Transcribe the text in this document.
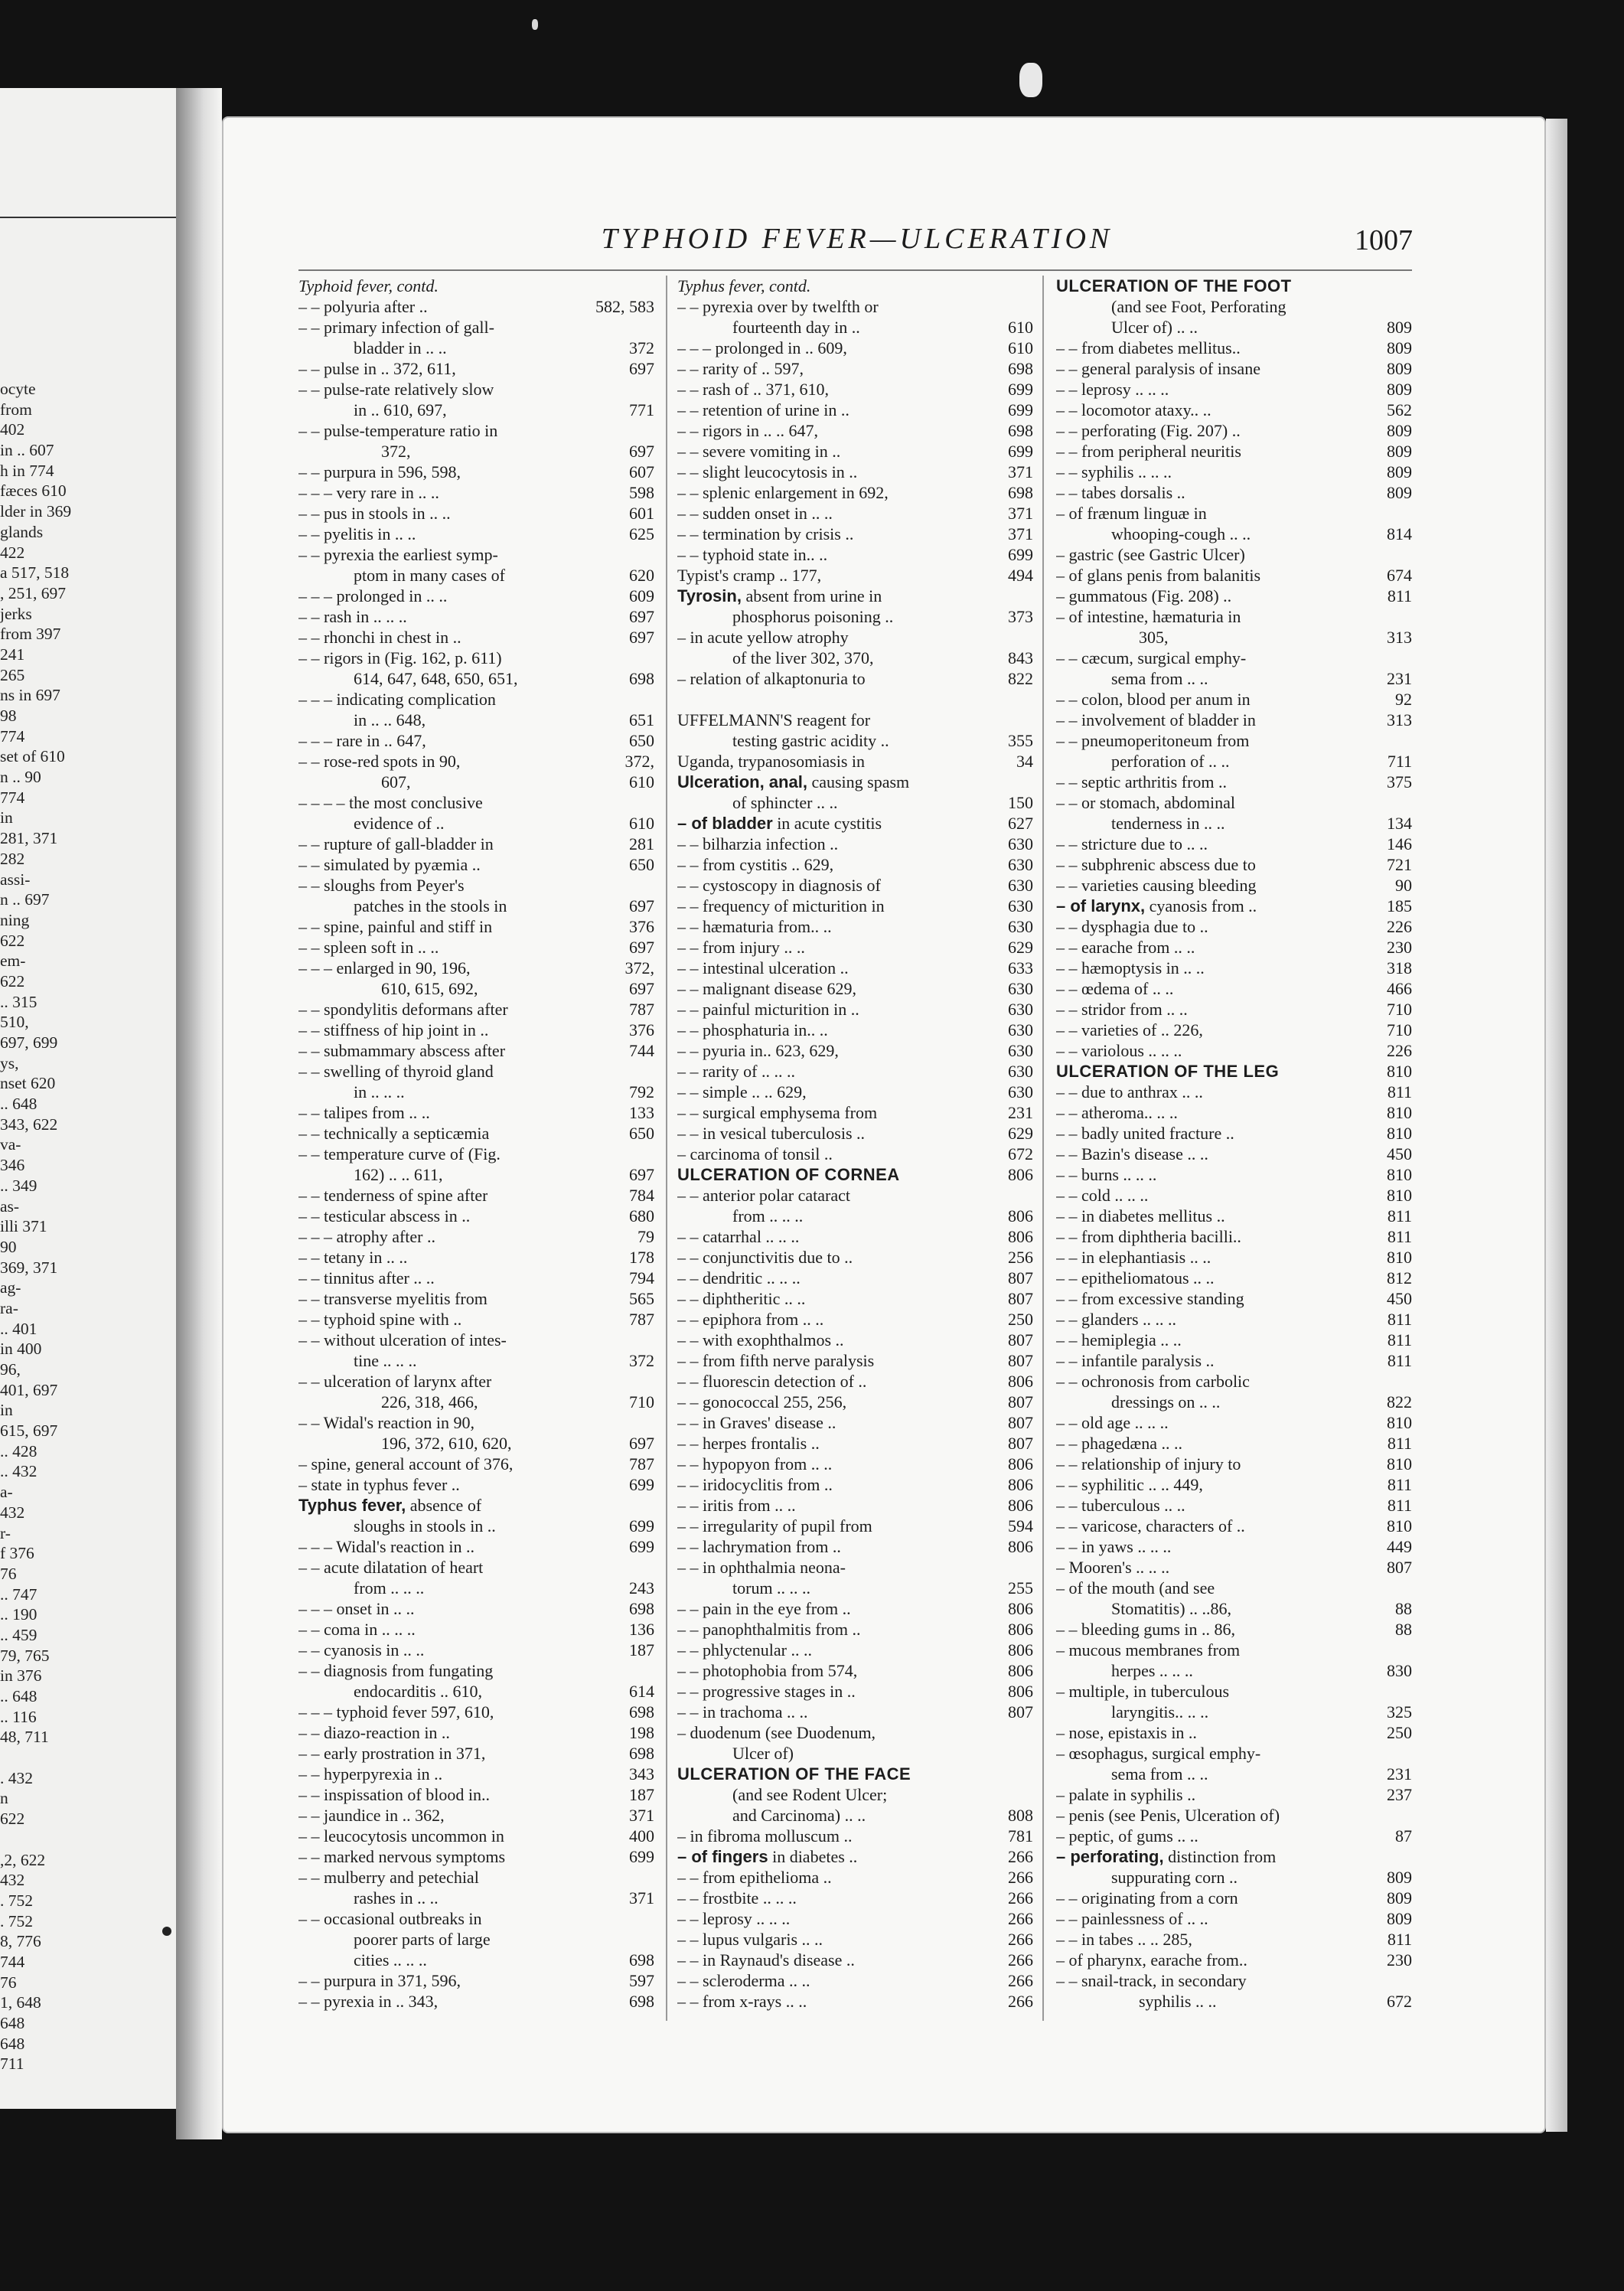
ocyte
from
402
in .. 607
h in 774
fæces 610
lder in 369
glands
422
a 517, 518
, 251, 697
jerks
from 397
241
265
ns in 697
98
774
set of 610
n .. 90
774
in
281, 371
282
assi-
n .. 697
ning
622
em-
622
.. 315
510,
697, 699
ys,
nset 620
.. 648
343, 622
va-
346
.. 349
as-
illi 371
90
369, 371
ag-
ra-
.. 401
in 400
96,
401, 697
in
615, 697
.. 428
.. 432
a-
432
r-
f 376
76
.. 747
.. 190
.. 459
79, 765
in 376
.. 648
.. 116
48, 711
. 432
n
622
,2, 622
432
. 752
. 752
8, 776
744
76
1, 648
648
648
711
TYPHOID FEVER—ULCERATION	1007
Typhoid fever, contd.
– – polyuria after ..	582, 583
– – primary infection of gall-
bladder in .. ..	372
– – pulse in .. 372, 611,	697
– – pulse-rate relatively slow
in .. 610, 697,	771
– – pulse-temperature ratio in
372,	697
– – purpura in 596, 598,	607
– – – very rare in .. ..	598
– – pus in stools in .. ..	601
– – pyelitis in .. ..	625
– – pyrexia the earliest symp-
ptom in many cases of	620
– – – prolonged in .. ..	609
– – rash in .. .. ..	697
– – rhonchi in chest in ..	697
– – rigors in (Fig. 162, p. 611)
614, 647, 648, 650, 651,	698
– – – indicating complication
in .. .. 648,	651
– – – rare in .. 647,	650
– – rose-red spots in 90,	372,
607,	610
– – – – the most conclusive
evidence of ..	610
– – rupture of gall-bladder in	281
– – simulated by pyæmia ..	650
– – sloughs from Peyer's
patches in the stools in	697
– – spine, painful and stiff in	376
– – spleen soft in .. ..	697
– – – enlarged in 90, 196,	372,
610, 615, 692,	697
– – spondylitis deformans after	787
– – stiffness of hip joint in ..	376
– – submammary abscess after	744
– – swelling of thyroid gland
in .. .. ..	792
– – talipes from .. ..	133
– – technically a septicæmia	650
– – temperature curve of (Fig.
162) .. .. 611,	697
– – tenderness of spine after	784
– – testicular abscess in ..	680
– – – atrophy after ..	79
– – tetany in .. ..	178
– – tinnitus after .. ..	794
– – transverse myelitis from	565
– – typhoid spine with ..	787
– – without ulceration of intes-
tine .. .. ..	372
– – ulceration of larynx after
226, 318, 466,	710
– – Widal's reaction in 90,
196, 372, 610, 620,	697
– spine, general account of 376,	787
– state in typhus fever ..	699
Typhus fever, absence of
sloughs in stools in ..	699
– – – Widal's reaction in ..	699
– – acute dilatation of heart
from .. .. ..	243
– – – onset in .. ..	698
– – coma in .. .. ..	136
– – cyanosis in .. ..	187
– – diagnosis from fungating
endocarditis .. 610,	614
– – – typhoid fever 597, 610,	698
– – diazo-reaction in ..	198
– – early prostration in 371,	698
– – hyperpyrexia in ..	343
– – inspissation of blood in..	187
– – jaundice in .. 362,	371
– – leucocytosis uncommon in	400
– – marked nervous symptoms	699
– – mulberry and petechial
rashes in .. ..	371
– – occasional outbreaks in
poorer parts of large
cities .. .. ..	698
– – purpura in 371, 596,	597
– – pyrexia in .. 343,	698
Typhus fever, contd.
– – pyrexia over by twelfth or
fourteenth day in ..	610
– – – prolonged in .. 609,	610
– – rarity of .. 597,	698
– – rash of .. 371, 610,	699
– – retention of urine in ..	699
– – rigors in .. .. 647,	698
– – severe vomiting in ..	699
– – slight leucocytosis in ..	371
– – splenic enlargement in 692,	698
– – sudden onset in .. ..	371
– – termination by crisis ..	371
– – typhoid state in.. ..	699
Typist's cramp .. 177,	494
Tyrosin, absent from urine in
phosphorus poisoning ..	373
– in acute yellow atrophy
of the liver 302, 370,	843
– relation of alkaptonuria to	822
UFFELMANN'S reagent for
testing gastric acidity ..	355
Uganda, trypanosomiasis in	34
Ulceration, anal, causing spasm
of sphincter .. ..	150
– of bladder in acute cystitis	627
– – bilharzia infection ..	630
– – from cystitis .. 629,	630
– – cystoscopy in diagnosis of	630
– – frequency of micturition in	630
– – hæmaturia from.. ..	630
– – from injury .. ..	629
– – intestinal ulceration ..	633
– – malignant disease 629,	630
– – painful micturition in ..	630
– – phosphaturia in.. ..	630
– – pyuria in.. 623, 629,	630
– – rarity of .. .. ..	630
– – simple .. .. 629,	630
– – surgical emphysema from	231
– – in vesical tuberculosis ..	629
– carcinoma of tonsil ..	672
ULCERATION OF CORNEA	806
– – anterior polar cataract
from .. .. ..	806
– – catarrhal .. .. ..	806
– – conjunctivitis due to ..	256
– – dendritic .. .. ..	807
– – diphtheritic .. ..	807
– – epiphora from .. ..	250
– – with exophthalmos ..	807
– – from fifth nerve paralysis	807
– – fluorescin detection of ..	806
– – gonococcal 255, 256,	807
– – in Graves' disease ..	807
– – herpes frontalis ..	807
– – hypopyon from .. ..	806
– – iridocyclitis from ..	806
– – iritis from .. ..	806
– – irregularity of pupil from	594
– – lachrymation from ..	806
– – in ophthalmia neona-
torum .. .. ..	255
– – pain in the eye from ..	806
– – panophthalmitis from ..	806
– – phlyctenular .. ..	806
– – photophobia from 574,	806
– – progressive stages in ..	806
– – in trachoma .. ..	807
– duodenum (see Duodenum,
Ulcer of)
ULCERATION OF THE FACE
(and see Rodent Ulcer;
and Carcinoma) .. ..	808
– in fibroma molluscum ..	781
– of fingers in diabetes ..	266
– – from epithelioma ..	266
– – frostbite .. .. ..	266
– – leprosy .. .. ..	266
– – lupus vulgaris .. ..	266
– – in Raynaud's disease ..	266
– – scleroderma .. ..	266
– – from x-rays .. ..	266
ULCERATION OF THE FOOT
(and see Foot, Perforating
Ulcer of) .. ..	809
– – from diabetes mellitus..	809
– – general paralysis of insane	809
– – leprosy .. .. ..	809
– – locomotor ataxy.. ..	562
– – perforating (Fig. 207) ..	809
– – from peripheral neuritis	809
– – syphilis .. .. ..	809
– – tabes dorsalis ..	809
– of frænum linguæ in
whooping-cough .. ..	814
– gastric (see Gastric Ulcer)
– of glans penis from balanitis	674
– gummatous (Fig. 208) ..	811
– of intestine, hæmaturia in
305,	313
– – cæcum, surgical emphy-
sema from .. ..	231
– – colon, blood per anum in	92
– – involvement of bladder in	313
– – pneumoperitoneum from
perforation of .. ..	711
– – septic arthritis from ..	375
– – or stomach, abdominal
tenderness in .. ..	134
– – stricture due to .. ..	146
– – subphrenic abscess due to	721
– – varieties causing bleeding	90
– of larynx, cyanosis from ..	185
– – dysphagia due to ..	226
– – earache from .. ..	230
– – hæmoptysis in .. ..	318
– – œdema of .. ..	466
– – stridor from .. ..	710
– – varieties of .. 226,	710
– – variolous .. .. ..	226
ULCERATION OF THE LEG	810
– – due to anthrax .. ..	811
– – atheroma.. .. ..	810
– – badly united fracture ..	810
– – Bazin's disease .. ..	450
– – burns .. .. ..	810
– – cold .. .. ..	810
– – in diabetes mellitus ..	811
– – from diphtheria bacilli..	811
– – in elephantiasis .. ..	810
– – epitheliomatous .. ..	812
– – from excessive standing	450
– – glanders .. .. ..	811
– – hemiplegia .. ..	811
– – infantile paralysis ..	811
– – ochronosis from carbolic
dressings on .. ..	822
– – old age .. .. ..	810
– – phagedæna .. ..	811
– – relationship of injury to	810
– – syphilitic .. .. 449,	811
– – tuberculous .. ..	811
– – varicose, characters of ..	810
– – in yaws .. .. ..	449
– Mooren's .. .. ..	807
– of the mouth (and see
Stomatitis) .. ..86,	88
– – bleeding gums in .. 86,	88
– mucous membranes from
herpes .. .. ..	830
– multiple, in tuberculous
laryngitis.. .. ..	325
– nose, epistaxis in ..	250
– œsophagus, surgical emphy-
sema from .. ..	231
– palate in syphilis ..	237
– penis (see Penis, Ulceration of)
– peptic, of gums .. ..	87
– perforating, distinction from
suppurating corn ..	809
– – originating from a corn	809
– – painlessness of .. ..	809
– – in tabes .. .. 285,	811
– of pharynx, earache from..	230
– – snail-track, in secondary
syphilis .. ..	672
